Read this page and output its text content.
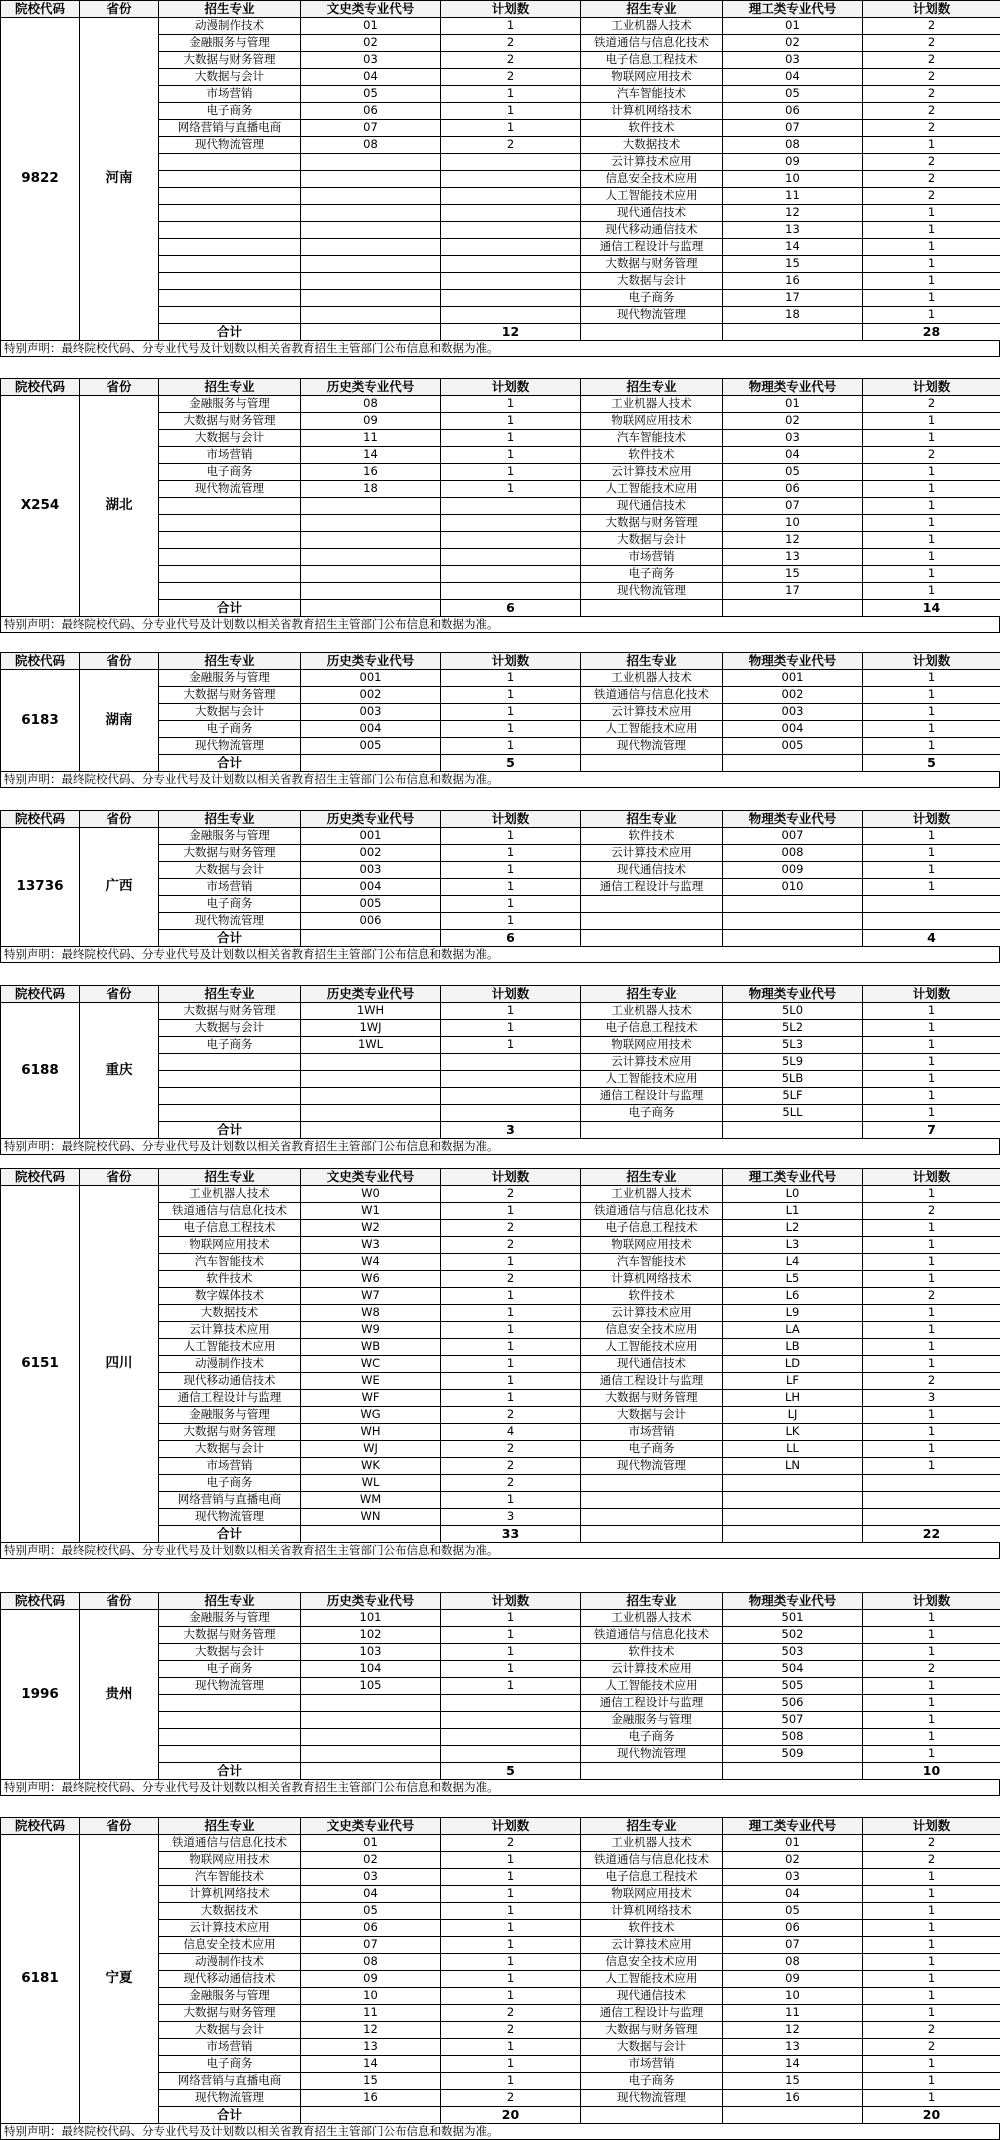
院校代码	省份	招生专业	文史类专业代号	计划数	招生专业	理工类专业代号	计划数
9822	河南	动漫制作技术	01	1	工业机器人技术	01	2
		金融服务与管理	02	2	铁道通信与信息化技术	02	2
		大数据与财务管理	03	2	电子信息工程技术	03	2
		大数据与会计	04	2	物联网应用技术	04	2
		市场营销	05	1	汽车智能技术	05	2
		电子商务	06	1	计算机网络技术	06	2
		网络营销与直播电商	07	1	软件技术	07	2
		现代物流管理	08	2	大数据技术	08	1
					云计算技术应用	09	2
					信息安全技术应用	10	2
					人工智能技术应用	11	2
					现代通信技术	12	1
					现代移动通信技术	13	1
					通信工程设计与监理	14	1
					大数据与财务管理	15	1
					大数据与会计	16	1
					电子商务	17	1
					现代物流管理	18	1
		合计		12			28
特别声明：最终院校代码、分专业代号及计划数以相关省教育招生主管部门公布信息和数据为准。
院校代码	省份	招生专业	历史类专业代号	计划数	招生专业	物理类专业代号	计划数
X254	湖北	金融服务与管理	08	1	工业机器人技术	01	2
		大数据与财务管理	09	1	物联网应用技术	02	1
		大数据与会计	11	1	汽车智能技术	03	1
		市场营销	14	1	软件技术	04	2
		电子商务	16	1	云计算技术应用	05	1
		现代物流管理	18	1	人工智能技术应用	06	1
					现代通信技术	07	1
					大数据与财务管理	10	1
					大数据与会计	12	1
					市场营销	13	1
					电子商务	15	1
					现代物流管理	17	1
		合计		6			14
特别声明：最终院校代码、分专业代号及计划数以相关省教育招生主管部门公布信息和数据为准。
院校代码	省份	招生专业	历史类专业代号	计划数	招生专业	物理类专业代号	计划数
6183	湖南	金融服务与管理	001	1	工业机器人技术	001	1
		大数据与财务管理	002	1	铁道通信与信息化技术	002	1
		大数据与会计	003	1	云计算技术应用	003	1
		电子商务	004	1	人工智能技术应用	004	1
		现代物流管理	005	1	现代物流管理	005	1
		合计		5			5
特别声明：最终院校代码、分专业代号及计划数以相关省教育招生主管部门公布信息和数据为准。
院校代码	省份	招生专业	历史类专业代号	计划数	招生专业	物理类专业代号	计划数
13736	广西	金融服务与管理	001	1	软件技术	007	1
		大数据与财务管理	002	1	云计算技术应用	008	1
		大数据与会计	003	1	现代通信技术	009	1
		市场营销	004	1	通信工程设计与监理	010	1
		电子商务	005	1			
		现代物流管理	006	1			
		合计		6			4
特别声明：最终院校代码、分专业代号及计划数以相关省教育招生主管部门公布信息和数据为准。
院校代码	省份	招生专业	历史类专业代号	计划数	招生专业	物理类专业代号	计划数
6188	重庆	大数据与财务管理	1WH	1	工业机器人技术	5L0	1
		大数据与会计	1WJ	1	电子信息工程技术	5L2	1
		电子商务	1WL	1	物联网应用技术	5L3	1
					云计算技术应用	5L9	1
					人工智能技术应用	5LB	1
					通信工程设计与监理	5LF	1
					电子商务	5LL	1
		合计		3			7
特别声明：最终院校代码、分专业代号及计划数以相关省教育招生主管部门公布信息和数据为准。
院校代码	省份	招生专业	文史类专业代号	计划数	招生专业	理工类专业代号	计划数
6151	四川	工业机器人技术	W0	2	工业机器人技术	L0	1
		铁道通信与信息化技术	W1	1	铁道通信与信息化技术	L1	2
		电子信息工程技术	W2	2	电子信息工程技术	L2	1
		物联网应用技术	W3	2	物联网应用技术	L3	1
		汽车智能技术	W4	1	汽车智能技术	L4	1
		软件技术	W6	2	计算机网络技术	L5	1
		数字媒体技术	W7	1	软件技术	L6	2
		大数据技术	W8	1	云计算技术应用	L9	1
		云计算技术应用	W9	1	信息安全技术应用	LA	1
		人工智能技术应用	WB	1	人工智能技术应用	LB	1
		动漫制作技术	WC	1	现代通信技术	LD	1
		现代移动通信技术	WE	1	通信工程设计与监理	LF	2
		通信工程设计与监理	WF	1	大数据与财务管理	LH	3
		金融服务与管理	WG	2	大数据与会计	LJ	1
		大数据与财务管理	WH	4	市场营销	LK	1
		大数据与会计	WJ	2	电子商务	LL	1
		市场营销	WK	2	现代物流管理	LN	1
		电子商务	WL	2			
		网络营销与直播电商	WM	1			
		现代物流管理	WN	3			
		合计		33			22
特别声明：最终院校代码、分专业代号及计划数以相关省教育招生主管部门公布信息和数据为准。
院校代码	省份	招生专业	历史类专业代号	计划数	招生专业	物理类专业代号	计划数
1996	贵州	金融服务与管理	101	1	工业机器人技术	501	1
		大数据与财务管理	102	1	铁道通信与信息化技术	502	1
		大数据与会计	103	1	软件技术	503	1
		电子商务	104	1	云计算技术应用	504	2
		现代物流管理	105	1	人工智能技术应用	505	1
					通信工程设计与监理	506	1
					金融服务与管理	507	1
					电子商务	508	1
					现代物流管理	509	1
		合计		5			10
特别声明：最终院校代码、分专业代号及计划数以相关省教育招生主管部门公布信息和数据为准。
院校代码	省份	招生专业	文史类专业代号	计划数	招生专业	理工类专业代号	计划数
6181	宁夏	铁道通信与信息化技术	01	2	工业机器人技术	01	2
		物联网应用技术	02	1	铁道通信与信息化技术	02	2
		汽车智能技术	03	1	电子信息工程技术	03	1
		计算机网络技术	04	1	物联网应用技术	04	1
		大数据技术	05	1	计算机网络技术	05	1
		云计算技术应用	06	1	软件技术	06	1
		信息安全技术应用	07	1	云计算技术应用	07	1
		动漫制作技术	08	1	信息安全技术应用	08	1
		现代移动通信技术	09	1	人工智能技术应用	09	1
		金融服务与管理	10	1	现代通信技术	10	1
		大数据与财务管理	11	2	通信工程设计与监理	11	1
		大数据与会计	12	2	大数据与财务管理	12	2
		市场营销	13	1	大数据与会计	13	2
		电子商务	14	1	市场营销	14	1
		网络营销与直播电商	15	1	电子商务	15	1
		现代物流管理	16	2	现代物流管理	16	1
		合计		20			20
特别声明：最终院校代码、分专业代号及计划数以相关省教育招生主管部门公布信息和数据为准。
